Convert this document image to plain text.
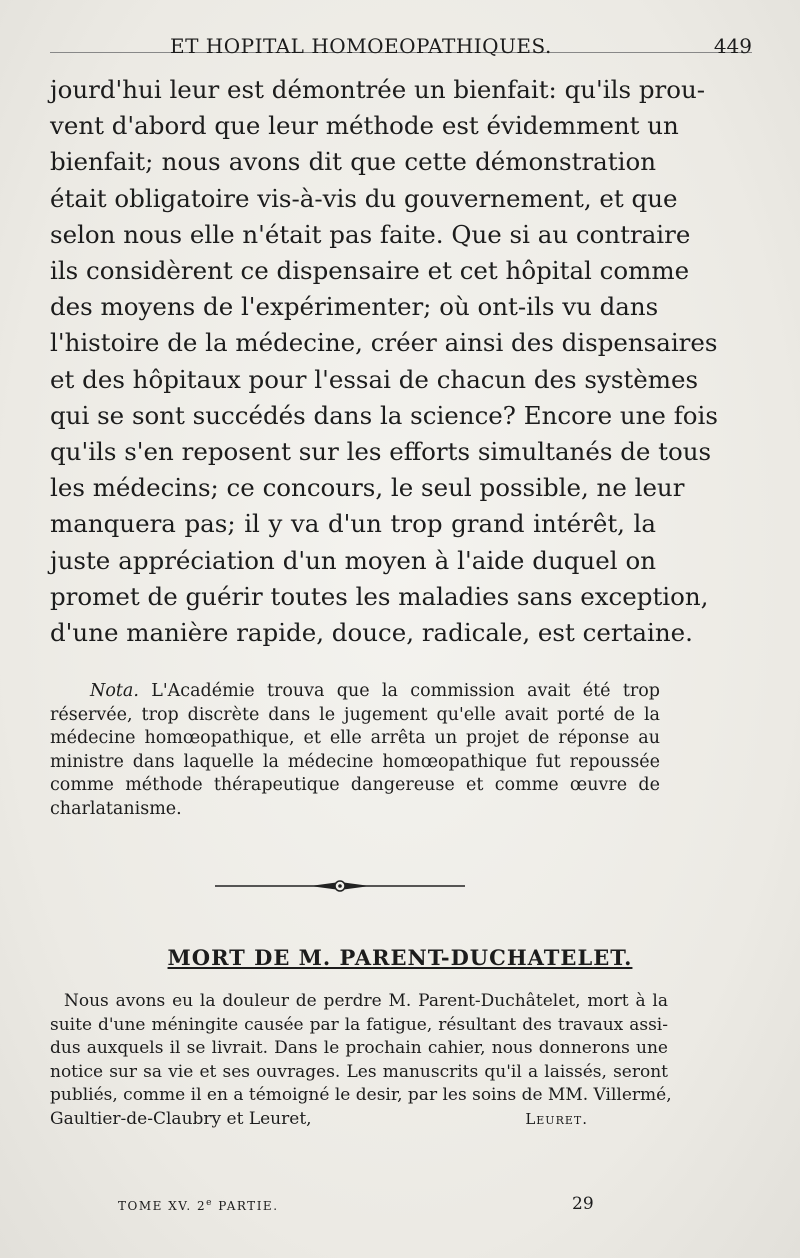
ET HOPITAL HOMOEOPATHIQUES.	449
jourd'hui leur est démontrée un bienfait: qu'ils prou-
vent d'abord que leur méthode est évidemment un
bienfait; nous avons dit que cette démonstration
était obligatoire vis-à-vis du gouvernement, et que
selon nous elle n'était pas faite. Que si au contraire
ils considèrent ce dispensaire et cet hôpital comme
des moyens de l'expérimenter; où ont-ils vu dans
l'histoire de la médecine, créer ainsi des dispensaires
et des hôpitaux pour l'essai de chacun des systèmes
qui se sont succédés dans la science? Encore une fois
qu'ils s'en reposent sur les efforts simultanés de tous
les médecins; ce concours, le seul possible, ne leur
manquera pas; il y va d'un trop grand intérêt, la
juste appréciation d'un moyen à l'aide duquel on
promet de guérir toutes les maladies sans exception,
d'une manière rapide, douce, radicale, est certaine.
Nota. L'Académie trouva que la commission avait été trop
réservée, trop discrète dans le jugement qu'elle avait porté de la
médecine homœopathique, et elle arrêta un projet de réponse au
ministre dans laquelle la médecine homœopathique fut repoussée
comme méthode thérapeutique dangereuse et comme œuvre de
charlatanisme.
MORT DE M. PARENT-DUCHATELET.
Nous avons eu la douleur de perdre M. Parent-Duchâtelet, mort à la
suite d'une méningite causée par la fatigue, résultant des travaux assi-
dus auxquels il se livrait. Dans le prochain cahier, nous donnerons une
notice sur sa vie et ses ouvrages. Les manuscrits qu'il a laissés, seront
publiés, comme il en a témoigné le desir, par les soins de MM. Villermé,
Gaultier-de-Claubry et Leuret,	Leuret.
TOME XV. 2e PARTIE.	29
